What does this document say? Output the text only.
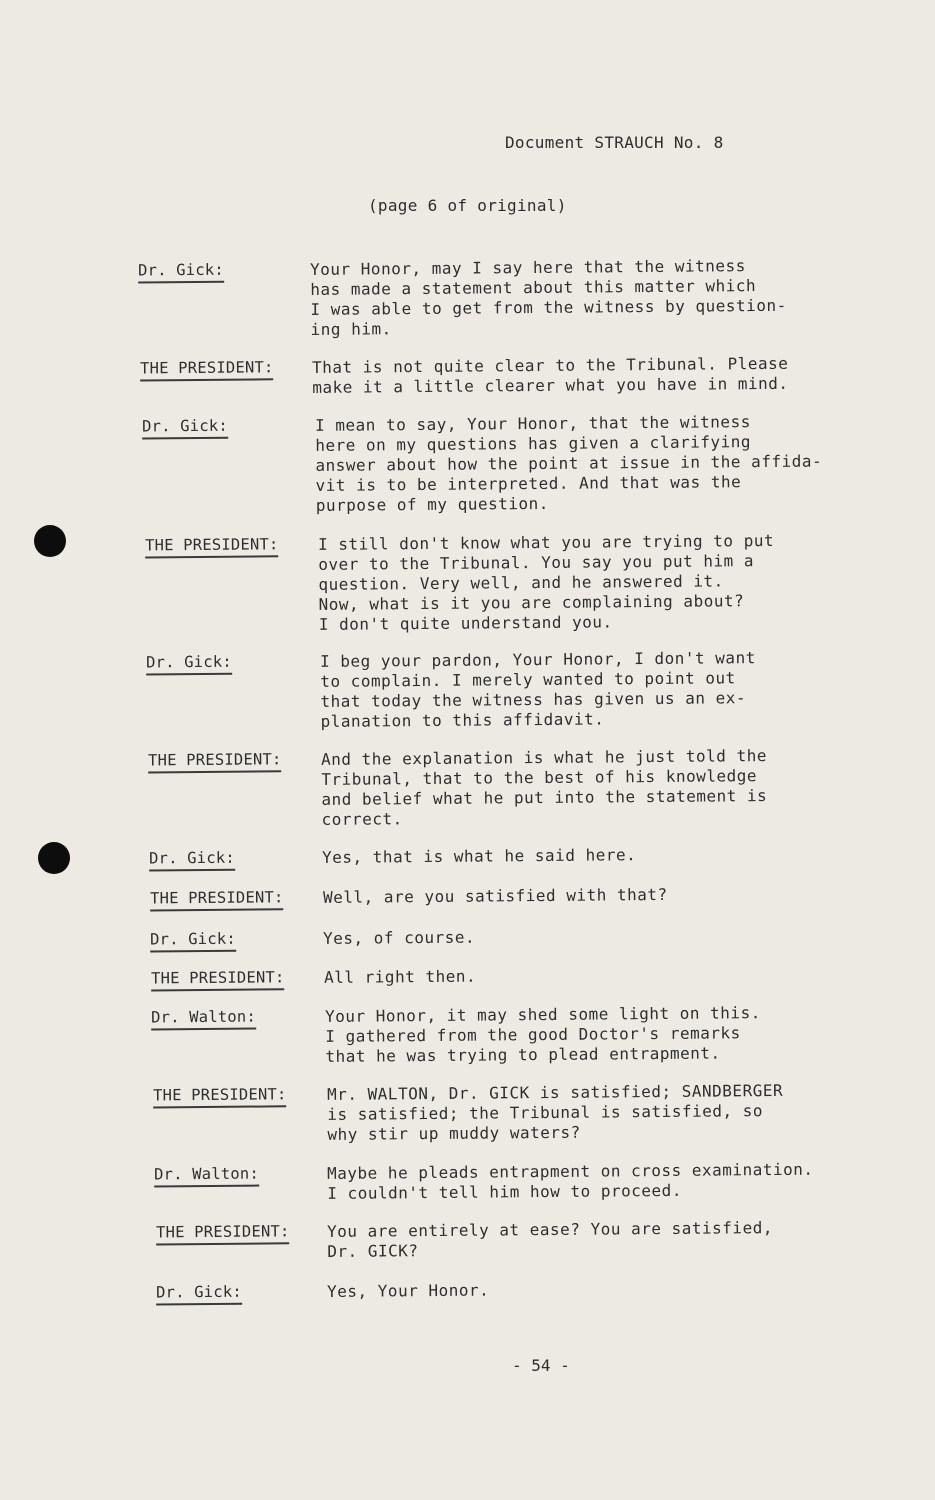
Document STRAUCH No. 8
(page 6 of original)
Dr. Gick:	Your Honor, may I say here that the witness
has made a statement about this matter which
I was able to get from the witness by question-
ing him.
THE PRESIDENT: That is not quite clear to the Tribunal. Please
make it a little clearer what you have in mind.
Dr. Gick:	I mean to say, Your Honor, that the witness
here on my questions has given a clarifying
answer about how the point at issue in the affida-
vit is to be interpreted. And that was the
purpose of my question.
THE PRESIDENT: I still don't know what you are trying to put
over to the Tribunal. You say you put him a
question. Very well, and he answered it.
Now, what is it you are complaining about?
I don't quite understand you.
Dr. Gick:	I beg your pardon, Your Honor, I don't want
to complain. I merely wanted to point out
that today the witness has given us an ex-
planation to this affidavit.
THE PRESIDENT: And the explanation is what he just told the
Tribunal, that to the best of his knowledge
and belief what he put into the statement is
correct.
Dr. Gick:	Yes, that is what he said here.
THE PRESIDENT: Well, are you satisfied with that?
Dr. Gick:	Yes, of course.
THE PRESIDENT: All right then.
Dr. Walton:	Your Honor, it may shed some light on this.
I gathered from the good Doctor's remarks
that he was trying to plead entrapment.
THE PRESIDENT:	Mr. WALTON, Dr. GICK is satisfied; SANDBERGER
is satisfied; the Tribunal is satisfied, so
why stir up muddy waters?
Dr. Walton:	Maybe he pleads entrapment on cross examination.
I couldn't tell him how to proceed.
THE PRESIDENT: You are entirely at ease? You are satisfied,
Dr. GICK?
Dr. Gick:	Yes, Your Honor.
- 54 -
